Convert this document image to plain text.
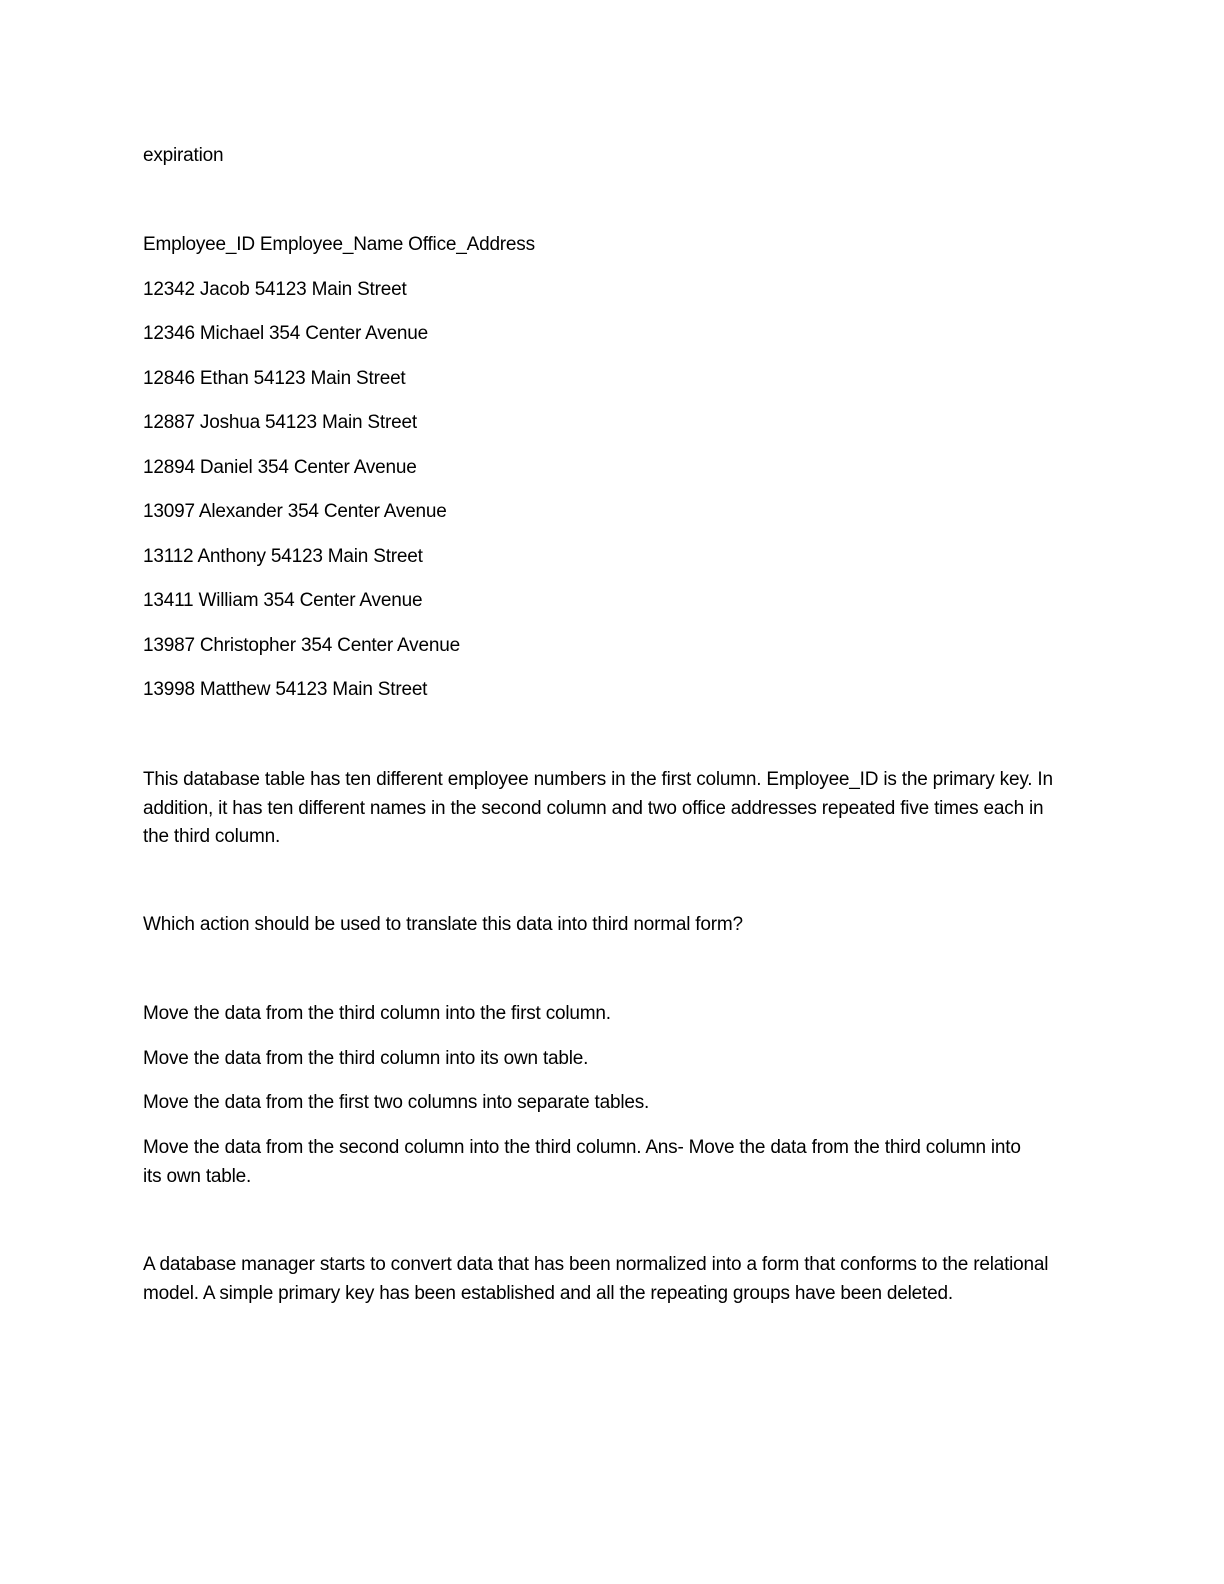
expiration
Employee_ID Employee_Name Office_Address
12342 Jacob 54123 Main Street
12346 Michael 354 Center Avenue
12846 Ethan 54123 Main Street
12887 Joshua 54123 Main Street
12894 Daniel 354 Center Avenue
13097 Alexander 354 Center Avenue
13112 Anthony 54123 Main Street
13411 William 354 Center Avenue
13987 Christopher 354 Center Avenue
13998 Matthew 54123 Main Street
This database table has ten different employee numbers in the first column. Employee_ID is the primary key. In addition, it has ten different names in the second column and two office addresses repeated five times each in the third column.
Which action should be used to translate this data into third normal form?
Move the data from the third column into the first column.
Move the data from the third column into its own table.
Move the data from the first two columns into separate tables.
Move the data from the second column into the third column. Ans- Move the data from the third column into its own table.
A database manager starts to convert data that has been normalized into a form that conforms to the relational model. A simple primary key has been established and all the repeating groups have been deleted.
